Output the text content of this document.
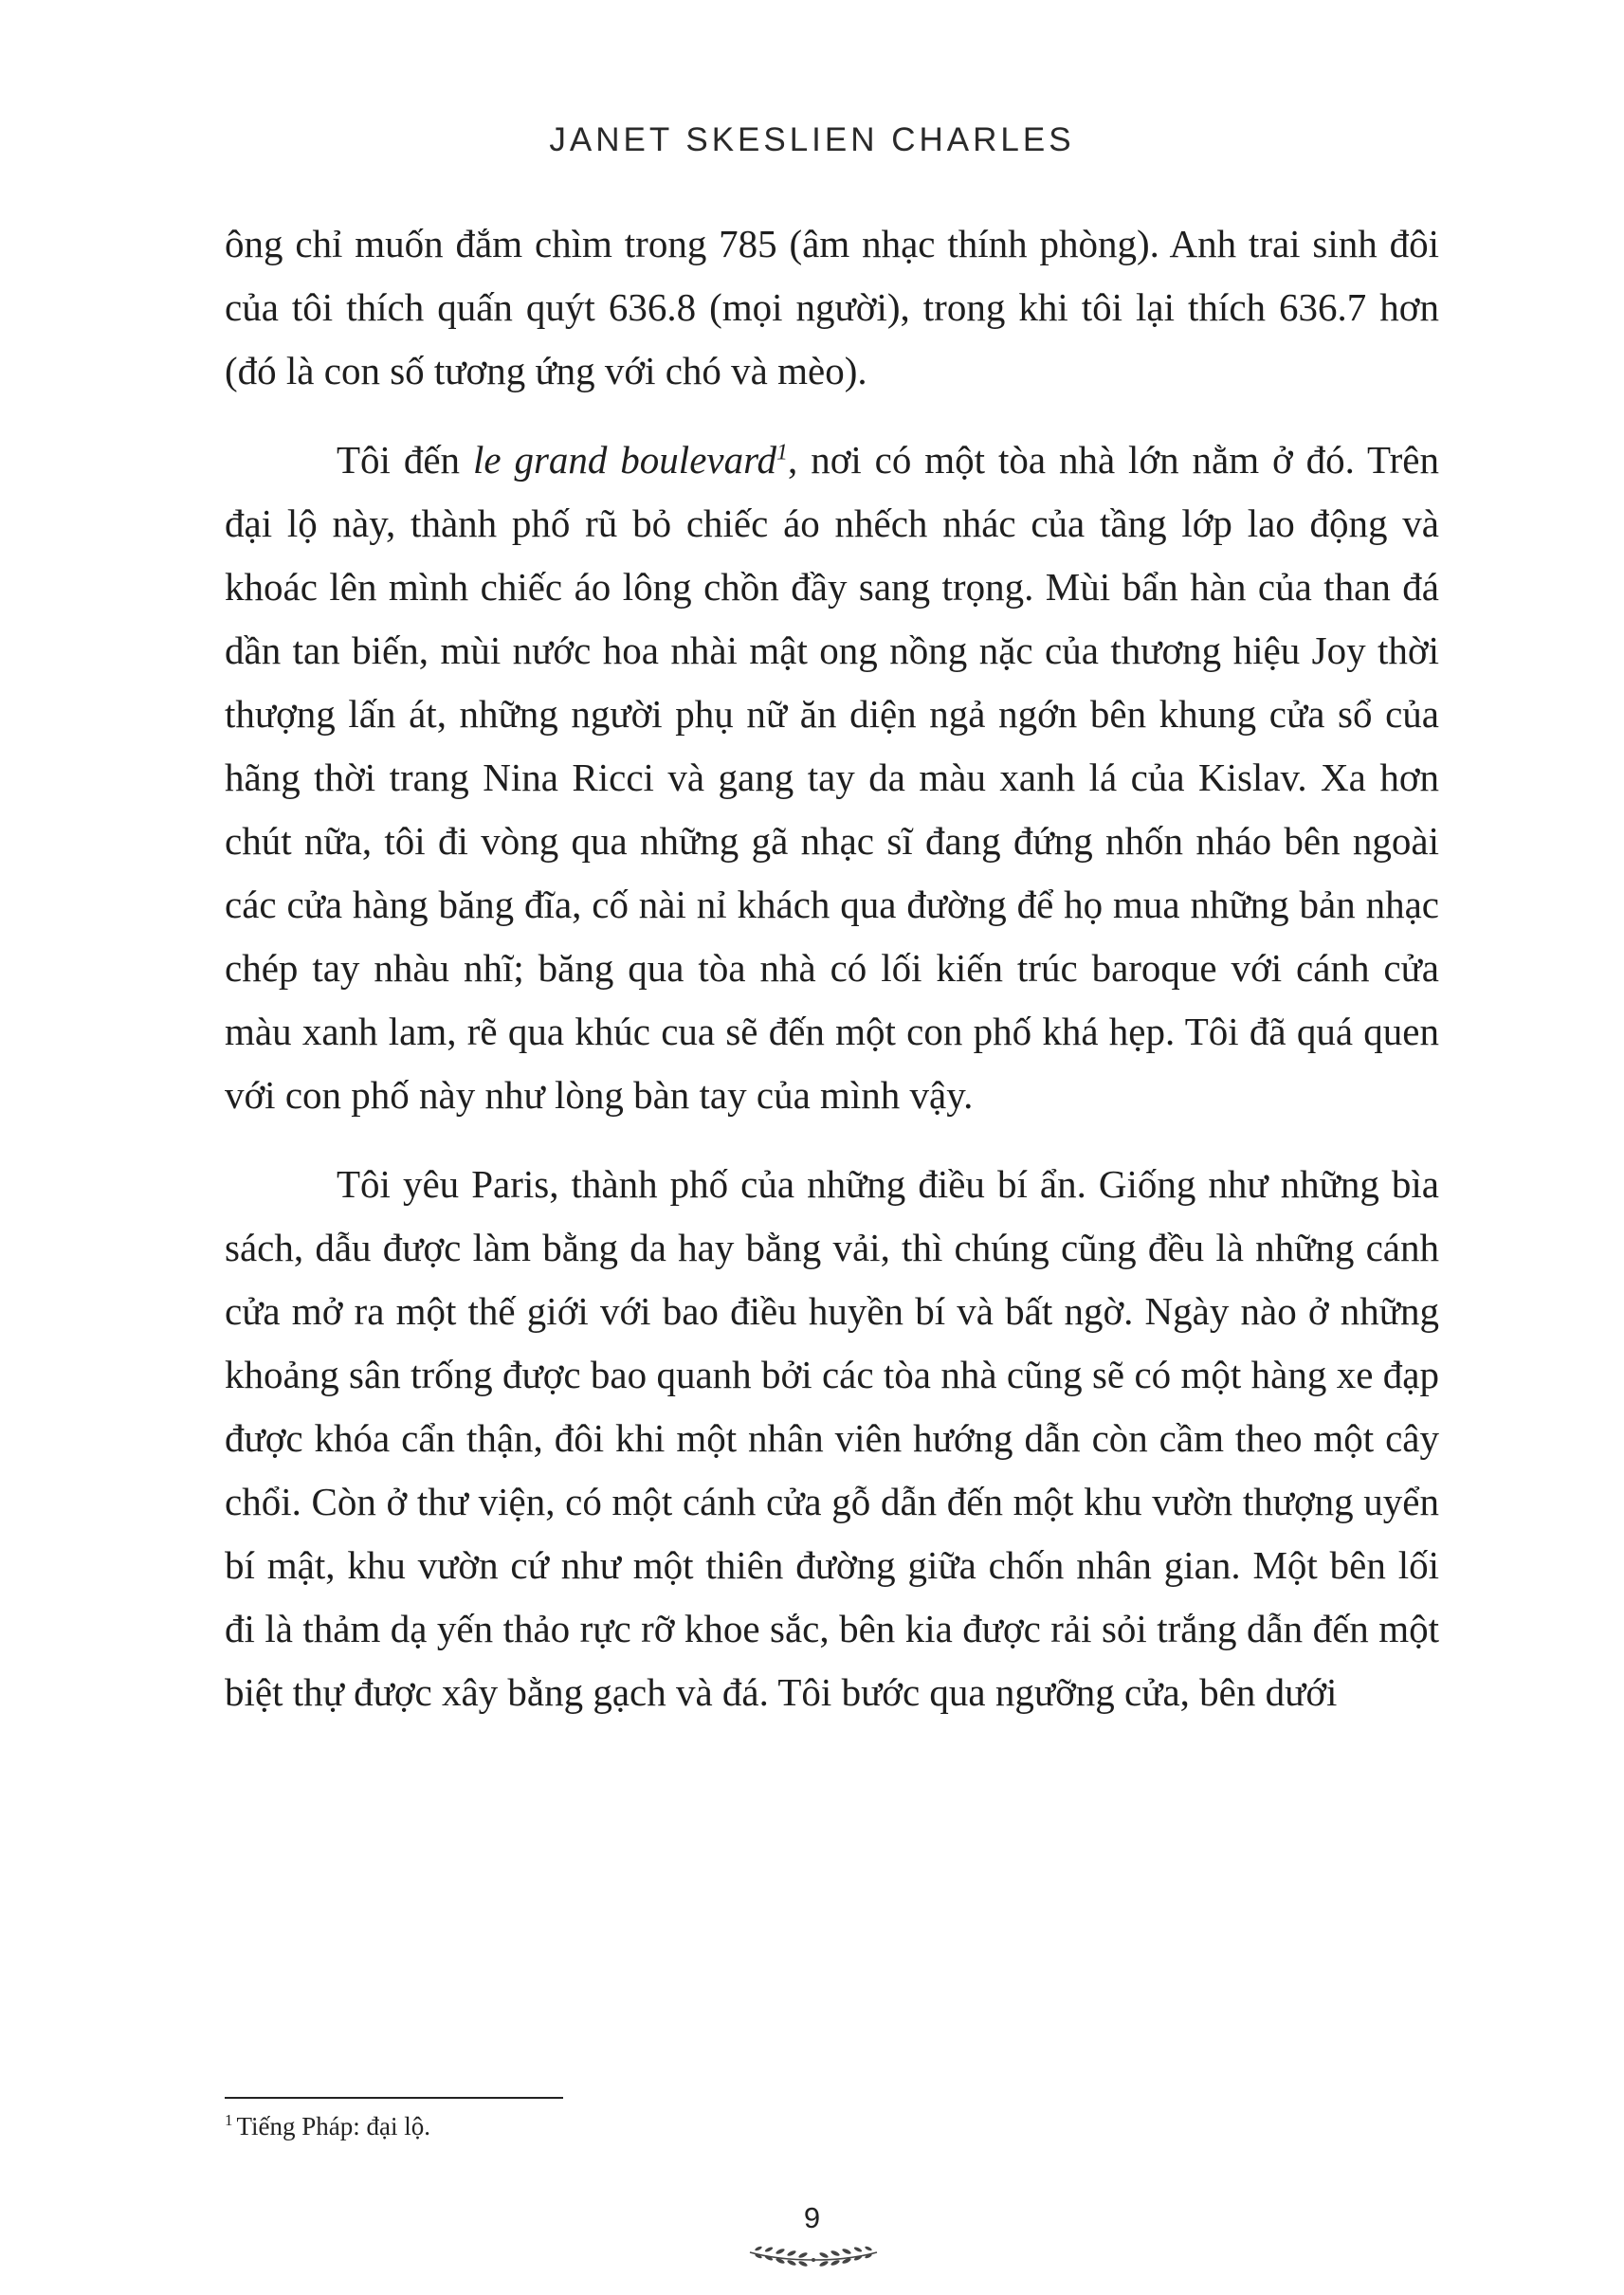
JANET SKESLIEN CHARLES

ông chỉ muốn đắm chìm trong 785 (âm nhạc thính phòng). Anh trai sinh đôi của tôi thích quấn quýt 636.8 (mọi người), trong khi tôi lại thích 636.7 hơn (đó là con số tương ứng với chó và mèo).

Tôi đến le grand boulevard$^1$, nơi có một tòa nhà lớn nằm ở đó. Trên đại lộ này, thành phố rũ bỏ chiếc áo nhếch nhác của tầng lớp lao động và khoác lên mình chiếc áo lông chồn đầy sang trọng. Mùi bẩn hàn của than đá dần tan biến, mùi nước hoa nhài mật ong nồng nặc của thương hiệu Joy thời thượng lấn át, những người phụ nữ ăn diện ngả ngớn bên khung cửa sổ của hãng thời trang Nina Ricci và gang tay da màu xanh lá của Kislav. Xa hơn chút nữa, tôi đi vòng qua những gã nhạc sĩ đang đứng nhốn nháo bên ngoài các cửa hàng băng đĩa, cố nài nỉ khách qua đường để họ mua những bản nhạc chép tay nhàu nhĩ; băng qua tòa nhà có lối kiến trúc baroque với cánh cửa màu xanh lam, rẽ qua khúc cua sẽ đến một con phố khá hẹp. Tôi đã quá quen với con phố này như lòng bàn tay của mình vậy.

Tôi yêu Paris, thành phố của những điều bí ẩn. Giống như những bìa sách, dẫu được làm bằng da hay bằng vải, thì chúng cũng đều là những cánh cửa mở ra một thế giới với bao điều huyền bí và bất ngờ. Ngày nào ở những khoảng sân trống được bao quanh bởi các tòa nhà cũng sẽ có một hàng xe đạp được khóa cẩn thận, đôi khi một nhân viên hướng dẫn còn cầm theo một cây chổi. Còn ở thư viện, có một cánh cửa gỗ dẫn đến một khu vườn thượng uyển bí mật, khu vườn cứ như một thiên đường giữa chốn nhân gian. Một bên lối đi là thảm dạ yến thảo rực rỡ khoe sắc, bên kia được rải sỏi trắng dẫn đến một biệt thự được xây bằng gạch và đá. Tôi bước qua ngưỡng cửa, bên dưới

$^1$ Tiếng Pháp: đại lộ.
9
